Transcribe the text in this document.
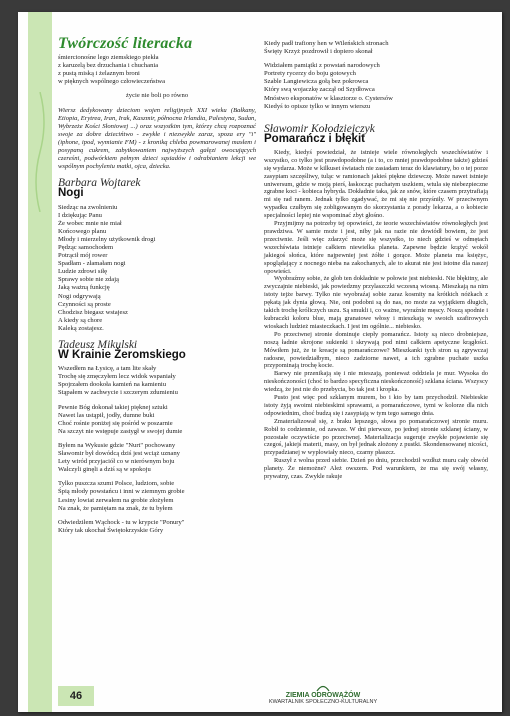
Twórczość literacka
śmiercionośne lego ziemskiego piekła
z karuzelą bez drzuchania i chuchania
z pustą miską i żelaznym broni
w pięknych wspólnego człowieczeństwa
życie nie boli po równo
Wiersz dedykowany dzieciom wojen religijnych XXI wieku (Bałkany, Etiopia, Erytrea, Iran, Irak, Kaszmir, północna Irlandia, Palestyna, Sudan, Wybrzeże Kości Słoniowej ...) oraz wszystkim tym, którzy chcą rozpoznać swoje za dobre dziecińtwo - zwykłe i niezwykłe zaraz, spoza ery "i" (iphone, ipod, wymianie FM) - z kroniką chleba powmarowanej masłem i posypaną cukrem, zabytkowaniem najwyższych gałęzi owocujących czereśni, podwórkiem pełnym dzieci sąsiadów i odrabianiem lekcji we wspólnym pochyleniu matki, ojca, dziecka.
Barbara Wojtarek
Nogi
Siedząc na zwolnieniu
I dziękując Panu
Że wobec mnie nie miał
Końcowego planu
Młody i mierzelny użytkownik drogi
Pędząc samochodem
Potrącił mój rower
Spadłam - złamałam nogi
Ludzie zdrowi siłę
Sprawy sobie nie zdają
Jaką ważną funkcję
Nogi odgrywają
Czynności są proste
Chodzisz biegasz wstajesz
A kiedy są chore
Kaleką zostajesz.
Tadeusz Mikulski
W Krainie Żeromskiego
Wszedłem na Łysicę, a tam lite skały
Trochę się zmęczyłem lecz widok wspaniały
Spojrzałem dookoła kamień na kamieniu
Stąpałem w zachwycie i szczerym zdumieniu
Pewnie Bóg dokonał takiej pięknej sztuki
Nawet las ustąpił, jodły, dumne buki
Choć rośnie poniżej się pośród w poszarnie
Na szczyt nie wstępuje zastygł w swojej dumie
Byłem na Wykusie gdzie "Nurt" pochowany
Sławomir był dowódcą dziś jest wciąż uznany
Lety wiród przyjaciół co w nierównym boju
Walczyli ginęli a dziś są w spokoju
Tylko puszcza szumi Polsce, ludziom, sobie
Śpią młody powstańcu i inni w ziemnym grobie
Lesiny lowiat zerwałem na grobie złożyłem
Na znak, że pamiętam na znak, że tu byłem
Odwiedziłem Wąchock - tu w krypcie "Ponury"
Który tak ukochał Świętokrzyskie Góry
Kiedy padł trafiony hen w Wileńskich stronach
Święty Krzyż pozdrowił i dopiero skonał
Widziałem pamiątki z powstań narodowych
Portrety rycerzy do boju gotowych
Szable Langiewicza gołą bez pokrowca
Który swą wojaczkę zaczął od Szydłowca
Mnóstwo eksponatów w klasztorze o. Cystersów
Kiedyś to opisze tylko w innym wierszu
Sławomir Kołodziejczyk
Pomarańcz i błękit
Kiedy, kiedyś powiedział, że istnieje wiele równoległych wszechświatów i wszystko, co tylko jest prawdopodobne (a i to, co mniej prawdopodobne także) gdzieś się wydarza. Może w kilkuset światach nie zasiadam teraz do klawiatury, bo o tej porze zasypiam szczęśliwy, tuląc w ramionach jakieś piękne dziewczę. Może nawet istnieje uniwersum, gdzie w moją pierś, łaskocząc puchatym uszkiem, wtula się niebezpieczne zgrabne koci - kobieca hybryda. Dokładnie taka, jak ze snów, które czasem przytrafiają mi się rad ranem. Jednak tylko zgadywać, że mi się nie przyśniły. W przeciwnym wypadku czułbym się zobligowanym do skorzystania z porady lekarza, a o kobiecie specjalności lepiej nie wspominać zbyt głośno.
Przyjmijmy na potrzeby tej opowieści, że teorie wszechświatów równoległych jest prawdziwa. W samie może i jest, niby jak na razie nie dowiódł bowiem, że jest przeciwnie. Jeśli więc zdarzyć może się wszystko, to niech gdzieś w odmętach wszechświata istnieje całkiem niewielka planeta. Zapewne będzie krążyć wokół jakiegoś słońca, które najpewniej jest żółte i gorące. Może planeta ma księżyc, spoglądający z nocnego nieba na zakochanych, ale to akurat nie jest istotne dla naszej opowieści.
Wyobraźmy sobie, że glob ten dokładnie w połowie jest niebieski. Nie błękitny, ale zwyczajnie niebieski, jak powiedzmy przylaszczki wczesną wiosną. Mieszkają na nim istoty tejże barwy. Tylko nie wyobraźaj sobie zaraz kosmity na krótkich nóżkach z pękatą jak dynia głową. Nie, oni podobni są do nas, no może za wyjątkiem długich, takich trochę króliczych uszu. Są smukli i, co ważne, wyraźnie męscy. Noszą spodnie i kubraczki koloru blue, mają granatowe włosy i mieszkają w swoich szafirowych wioskach ludzież miasteczkach. I jest im ogólnie... niebiesko.
Po przeciwnej stronie dominuje ciepły pomarańcz. Istoty są nieco drobniejsze, noszą ładnie skrojone sukienki i skrywają pod nimi całkiem apetyczne krągłości. Mówiłem już, że te kreacje są pomarańczowe? Mieszkanki tych stron są zgrywczaj radosne, powiedziałbym, nieco zadziorne nawet, a ich zgrabne puchate uszka przypominają trochę kocie.
Barwy nie przenikają się i nie mieszają, ponieważ oddziela je mur. Wysoka do nieskończoności (choć to bardzo specyficzna nieskończoność) szklana ściana. Wszyscy wiedzą, że jest nie do przebycia, bo tak jest i kropka.
Pusto jest więc pod szklanym murem, bo i kto by tam przychodził. Niebieskie istoty żyją swoimi niebieskimi sprawami, a pomarańczowe, tymi w kolorze dla nich odpowiednim, choć budzą się i zasypiają w tym tego samego dnia.
Zmaterializował się, z braku lepszego, słowa po pomarańczowej stronie muru. Robił to codziennie, od zawsze. W dni pierwsze, po jednej stronie szklanej ściany, w pozostałe oczywiście po przeciwnej. Materializacja sugeruje zwykłe pojawienie się czegoś, jakiejś materii, masy, on był jednak złożony z pustki. Skondensowanej nicości, przypadzianej w wyplowiały nieco, czarny płaszcz.
Ruszył z wolna przed siebie. Dzień po dniu, przechodził wzdłuż muru cały obwód planety. Że niemożne? Ależ owszem. Pod warunkiem, że ma się swój własny, prywatny, czas. Zwykle rakuje
46	ZIEMIA ODROWĄŻÓW
KWARTALNIK SPOŁECZNO-KULTURALNY
